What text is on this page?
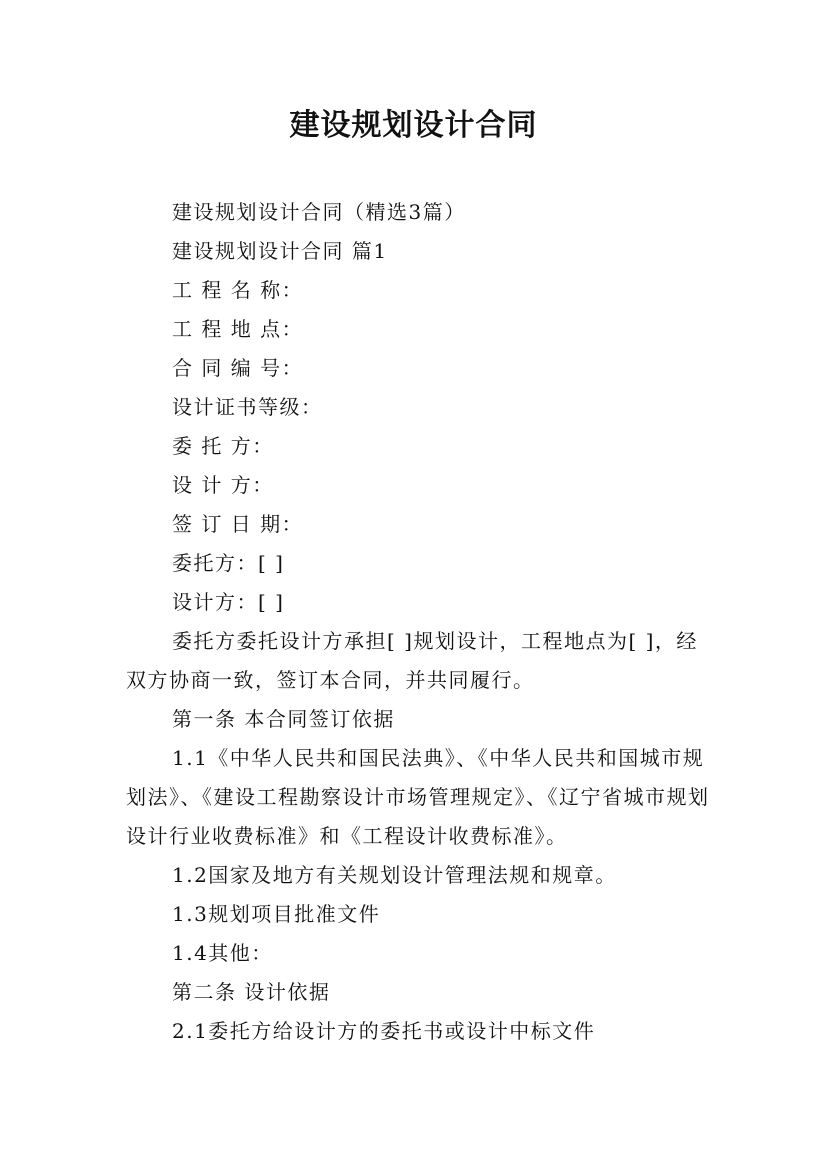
建设规划设计合同

建设规划设计合同（精选3篇）

建设规划设计合同 篇1

工 程 名 称：

工 程 地 点：

合 同 编 号：

设计证书等级：

委 托 方：

设 计 方：

签 订 日 期：

委托方：[ ]

设计方：[ ]

委托方委托设计方承担[ ]规划设计，工程地点为[ ]，经双方协商一致，签订本合同，并共同履行。

第一条 本合同签订依据

1.1《中华人民共和国民法典》、《中华人民共和国城市规划法》、《建设工程勘察设计市场管理规定》、《辽宁省城市规划设计行业收费标准》和《工程设计收费标准》。

1.2国家及地方有关规划设计管理法规和规章。

1.3规划项目批准文件

1.4其他：

第二条 设计依据

2.1委托方给设计方的委托书或设计中标文件
